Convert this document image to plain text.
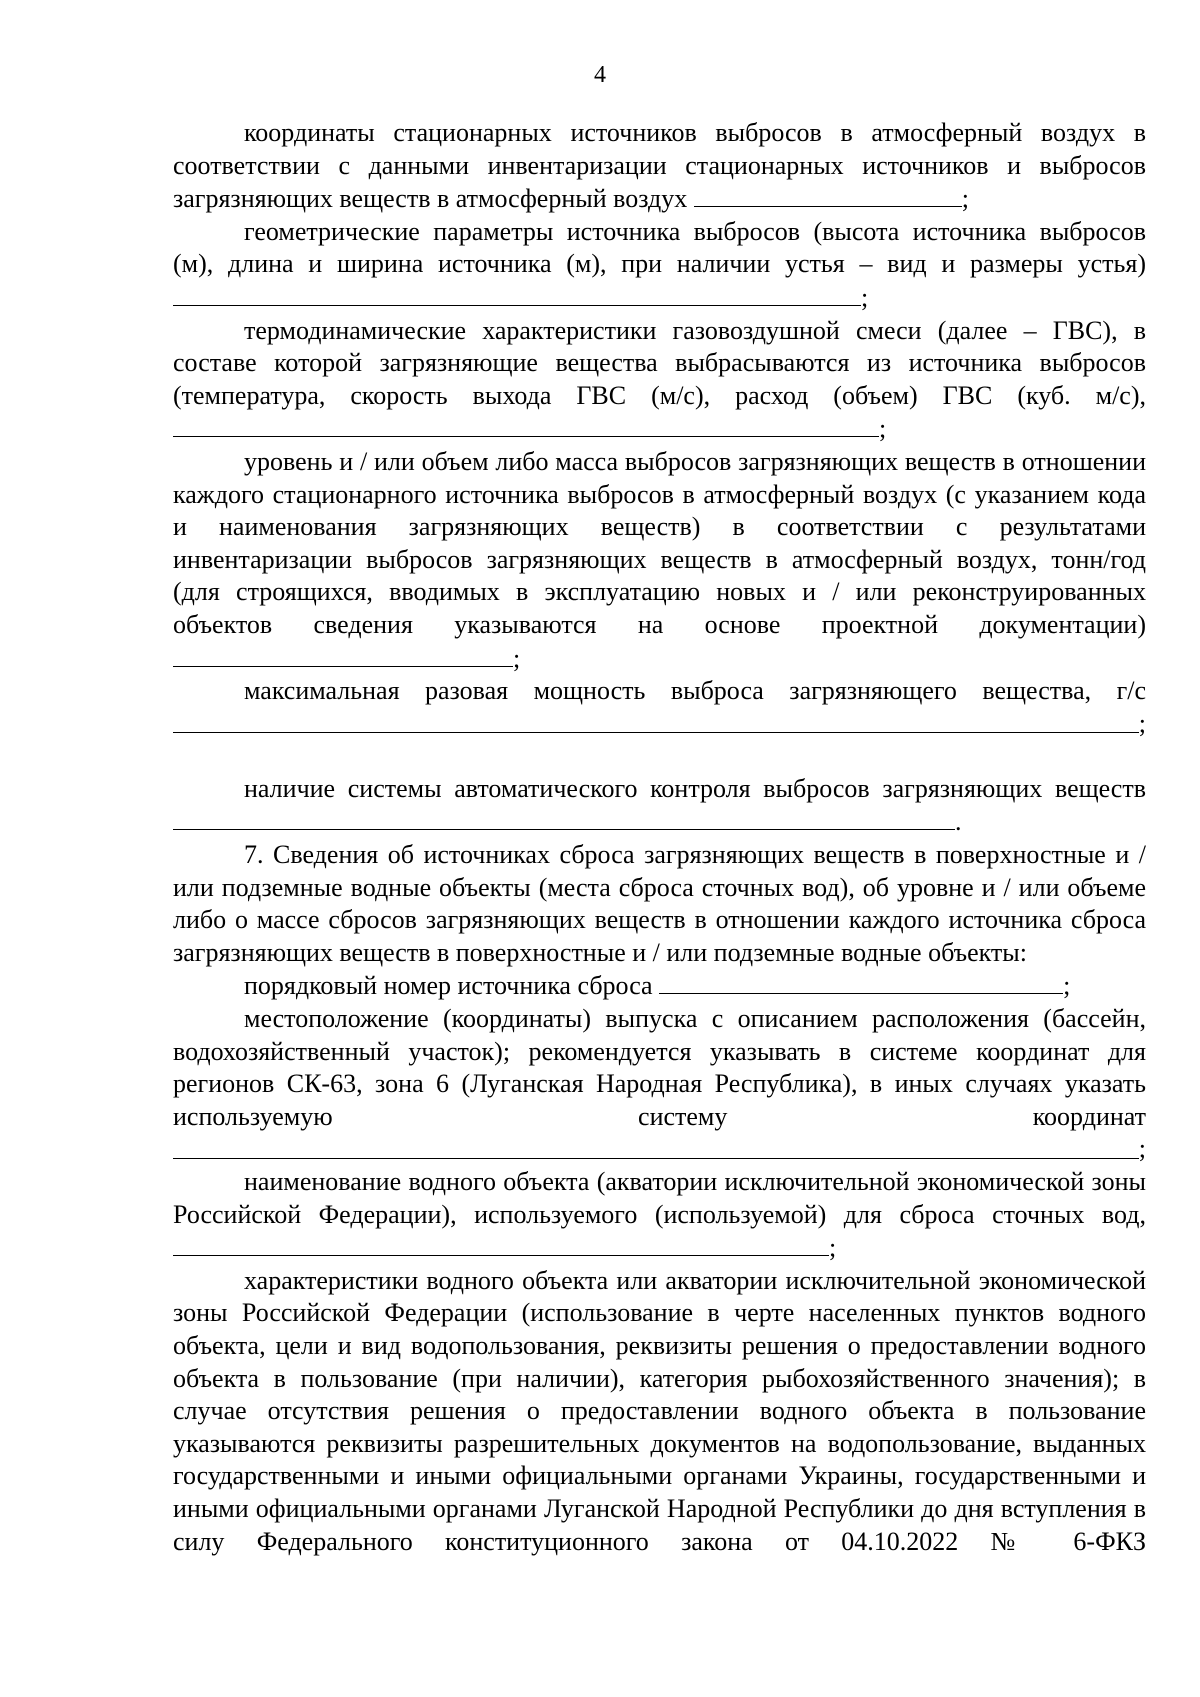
4

координаты стационарных источников выбросов в атмосферный воздух в соответствии с данными инвентаризации стационарных источников и выбросов загрязняющих веществ в атмосферный воздух	;

геометрические параметры источника выбросов (высота источника выбросов (м), длина и ширина источника (м), при наличии устья – вид и размеры устья) ;

термодинамические характеристики газовоздушной смеси (далее – ГВС), в составе которой загрязняющие вещества выбрасываются из источника выбросов (температура, скорость выхода ГВС (м/с), расход (объем) ГВС (куб. м/с), ;

уровень и / или объем либо масса выбросов загрязняющих веществ в отношении каждого стационарного источника выбросов в атмосферный воздух (с указанием кода и наименования загрязняющих веществ) в соответствии с результатами инвентаризации выбросов загрязняющих веществ в атмосферный воздух, тонн/год (для строящихся, вводимых в эксплуатацию новых и / или реконструированных объектов сведения указываются на основе проектной документации) ;

максимальная разовая мощность выброса загрязняющего вещества, г/с

;

наличие системы автоматического контроля выбросов загрязняющих веществ .

7. Сведения об источниках сброса загрязняющих веществ в поверхностные и / или подземные водные объекты (места сброса сточных вод), об уровне и / или объеме либо о массе сбросов загрязняющих веществ в отношении каждого источника сброса загрязняющих веществ в поверхностные и / или подземные водные объекты:

порядковый номер источника сброса	;

местоположение (координаты) выпуска с описанием расположения (бассейн, водохозяйственный участок); рекомендуется указывать в системе координат для регионов СК-63, зона 6 (Луганская Народная Республика), в иных случаях указать используемую систему координат

;

наименование водного объекта (акватории исключительной экономической зоны Российской Федерации), используемого (используемой) для сброса сточных вод, ;

характеристики водного объекта или акватории исключительной экономической зоны Российской Федерации (использование в черте населенных пунктов водного объекта, цели и вид водопользования, реквизиты решения о предоставлении водного объекта в пользование (при наличии), категория рыбохозяйственного значения); в случае отсутствия решения о предоставлении водного объекта в пользование указываются реквизиты разрешительных документов на водопользование, выданных государственными и иными официальными органами Украины, государственными и иными официальными органами Луганской Народной Республики до дня вступления в силу Федерального конституционного закона от 04.10.2022 № 6-ФКЗ
